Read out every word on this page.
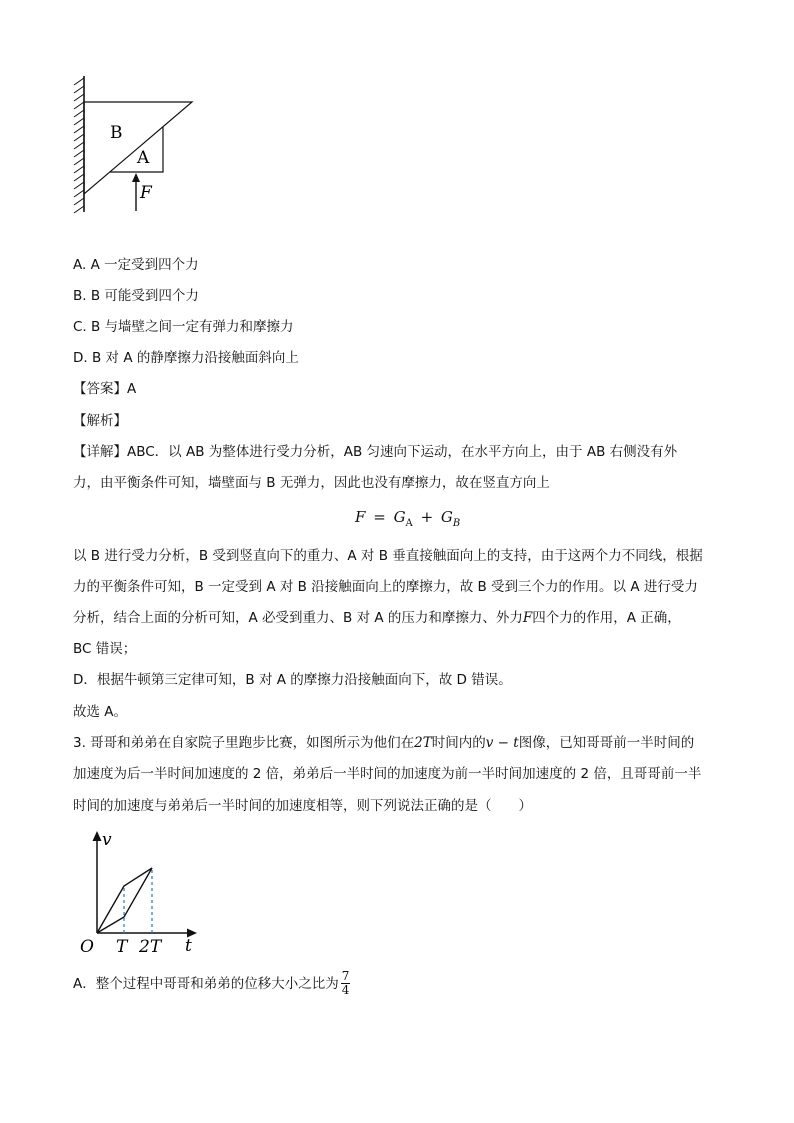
B
A
F
A. A 一定受到四个力
B. B 可能受到四个力
C. B 与墙壁之间一定有弹力和摩擦力
D. B 对 A 的静摩擦力沿接触面斜向上
【答案】A
【解析】
【详解】ABC．以 AB 为整体进行受力分析，AB 匀速向下运动，在水平方向上，由于 AB 右侧没有外
力，由平衡条件可知，墙壁面与 B 无弹力，因此也没有摩擦力，故在竖直方向上
$F = G_A + G_B$
以 B 进行受力分析，B 受到竖直向下的重力、A 对 B 垂直接触面向上的支持，由于这两个力不同线，根据
力的平衡条件可知，B 一定受到 A 对 B 沿接触面向上的摩擦力，故 B 受到三个力的作用。以 A 进行受力
分析，结合上面的分析可知，A 必受到重力、B 对 A 的压力和摩擦力、外力F四个力的作用，A 正确，
BC 错误；
D．根据牛顿第三定律可知，B 对 A 的摩擦力沿接触面向下，故 D 错误。
故选 A。
3. 哥哥和弟弟在自家院子里跑步比赛，如图所示为他们在2T时间内的v − t图像，已知哥哥前一半时间的
加速度为后一半时间加速度的 2 倍，弟弟后一半时间的加速度为前一半时间加速度的 2 倍，且哥哥前一半
时间的加速度与弟弟后一半时间的加速度相等，则下列说法正确的是（　　）
v
t
O T 2T
A．整个过程中哥哥和弟弟的位移大小之比为 $\frac{7}{4}$
